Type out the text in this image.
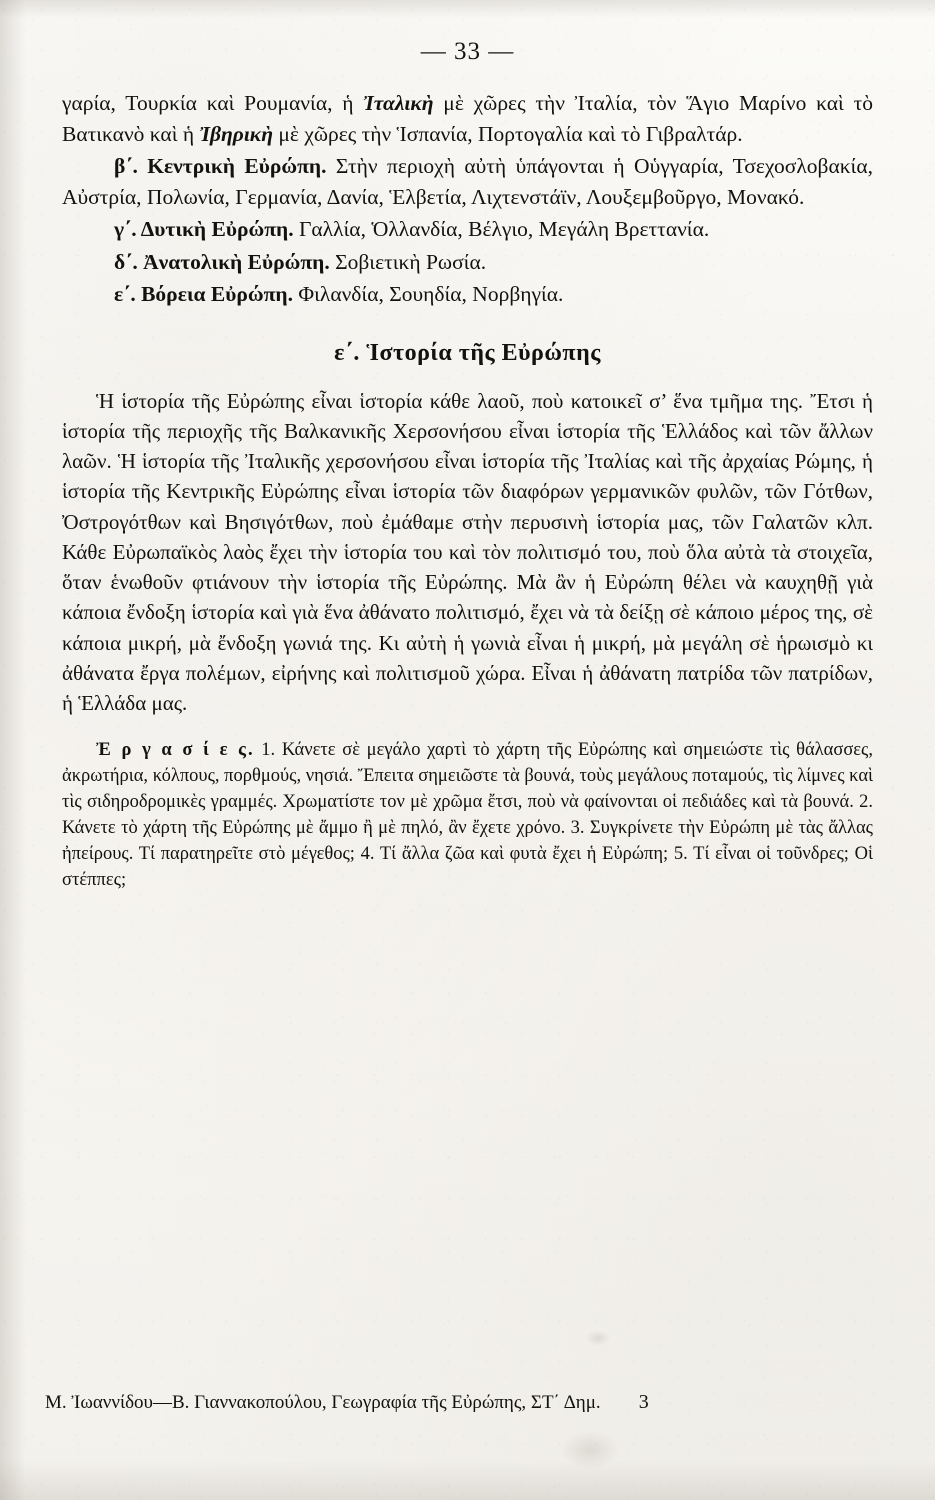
— 33 —

γαρία, Τουρκία καὶ Ρουμανία, ἡ Ἰταλικὴ μὲ χῶρες τὴν Ἰταλία, τὸν Ἅγιο Μαρίνο καὶ τὸ Βατικανὸ καὶ ἡ Ἰβηρικὴ μὲ χῶρες τὴν Ἱσπανία, Πορτογαλία καὶ τὸ Γιβραλτάρ.

β΄. Κεντρικὴ Εὐρώπη. Στὴν περιοχὴ αὐτὴ ὑπάγονται ἡ Οὑγγαρία, Τσεχοσλοβακία, Αὐστρία, Πολωνία, Γερμανία, Δανία, Ἑλβετία, Λιχτενστάϊν, Λουξεμβοῦργο, Μονακό.

γ΄. Δυτικὴ Εὐρώπη. Γαλλία, Ὁλλανδία, Βέλγιο, Μεγάλη Βρεττανία.

δ΄. Ἀνατολικὴ Εὐρώπη. Σοβιετικὴ Ρωσία.

ε΄. Βόρεια Εὐρώπη. Φιλανδία, Σουηδία, Νορβηγία.

ε΄. Ἱστορία τῆς Εὐρώπης

Ἡ ἱστορία τῆς Εὐρώπης εἶναι ἱστορία κάθε λαοῦ, ποὺ κατοικεῖ σ’ ἕνα τμῆμα της. Ἔτσι ἡ ἱστορία τῆς περιοχῆς τῆς Βαλκανικῆς Χερσονήσου εἶναι ἱστορία τῆς Ἑλλάδος καὶ τῶν ἄλλων λαῶν. Ἡ ἱστορία τῆς Ἰταλικῆς χερσονήσου εἶναι ἱστορία τῆς Ἰταλίας καὶ τῆς ἀρχαίας Ρώμης, ἡ ἱστορία τῆς Κεντρικῆς Εὐρώπης εἶναι ἱστορία τῶν διαφόρων γερμανικῶν φυλῶν, τῶν Γότθων, Ὀστρογότθων καὶ Βησιγότθων, ποὺ ἐμάθαμε στὴν περυσινὴ ἱστορία μας, τῶν Γαλατῶν κλπ. Κάθε Εὐρωπαϊκὸς λαὸς ἔχει τὴν ἱστορία του καὶ τὸν πολιτισμό του, ποὺ ὅλα αὐτὰ τὰ στοιχεῖα, ὅταν ἑνωθοῦν φτιάνουν τὴν ἱστορία τῆς Εὐρώπης. Μὰ ἂν ἡ Εὐρώπη θέλει νὰ καυχηθῇ γιὰ κάποια ἔνδοξη ἱστορία καὶ γιὰ ἕνα ἀθάνατο πολιτισμό, ἔχει νὰ τὰ δείξῃ σὲ κάποιο μέρος της, σὲ κάποια μικρή, μὰ ἔνδοξη γωνιά της. Κι αὐτὴ ἡ γωνιὰ εἶναι ἡ μικρή, μὰ μεγάλη σὲ ἡρωισμὸ κι ἀθάνατα ἔργα πολέμων, εἰρήνης καὶ πολιτισμοῦ χώρα. Εἶναι ἡ ἀθάνατη πατρίδα τῶν πατρίδων, ἡ Ἑλλάδα μας.

Ἐ ρ γ α σ ί ε ς. 1. Κάνετε σὲ μεγάλο χαρτὶ τὸ χάρτη τῆς Εὐρώπης καὶ σημειώστε τὶς θάλασσες, ἀκρωτήρια, κόλπους, πορθμούς, νησιά. Ἔπειτα σημειῶστε τὰ βουνά, τοὺς μεγάλους ποταμούς, τὶς λίμνες καὶ τὶς σιδηροδρομικὲς γραμμές. Χρωματίστε τον μὲ χρῶμα ἔτσι, ποὺ νὰ φαίνονται οἱ πεδιάδες καὶ τὰ βουνά. 2. Κάνετε τὸ χάρτη τῆς Εὐρώπης μὲ ἄμμο ἢ μὲ πηλό, ἂν ἔχετε χρόνο. 3. Συγκρίνετε τὴν Εὐρώπη μὲ τὰς ἄλλας ἠπείρους. Τί παρατηρεῖτε στὸ μέγεθος; 4. Τί ἄλλα ζῶα καὶ φυτὰ ἔχει ἡ Εὐρώπη; 5. Τί εἶναι οἱ τοῦνδρες; Οἱ στέππες;

Μ. Ἰωαννίδου—Β. Γιαννακοπούλου, Γεωγραφία τῆς Εὐρώπης, ΣΤ΄ Δημ. 3
